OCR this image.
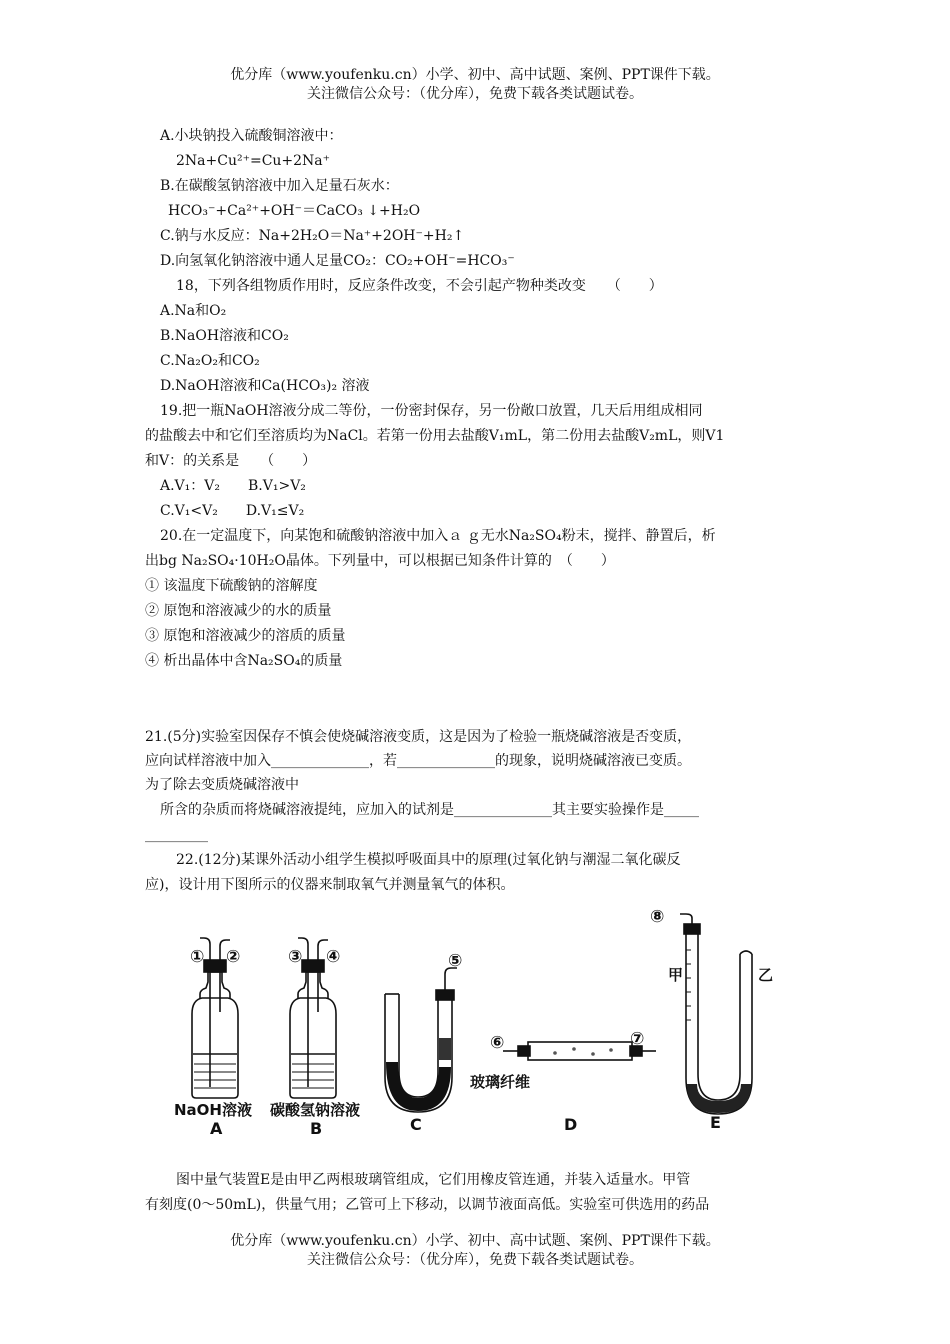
优分库（www.youfenku.cn）小学、初中、高中试题、案例、PPT课件下载。
关注微信公众号：（优分库），免费下载各类试题试卷。
A.小块钠投入硫酸铜溶液中：
2Na+Cu²⁺=Cu+2Na⁺
B.在碳酸氢钠溶液中加入足量石灰水：
HCO₃⁻+Ca²⁺+OH⁻＝CaCO₃ ↓+H₂O
C.钠与水反应：Na+2H₂O＝Na⁺+2OH⁻+H₂↑
D.向氢氧化钠溶液中通人足量CO₂：CO₂+OH⁻=HCO₃⁻
18，下列各组物质作用时，反应条件改变，不会引起产物种类改变　　（　　）
A.Na和O₂
B.NaOH溶液和CO₂
C.Na₂O₂和CO₂
D.NaOH溶液和Ca(HCO₃)₂ 溶液
19.把一瓶NaOH溶液分成二等份，一份密封保存，另一份敞口放置，几天后用组成相同
的盐酸去中和它们至溶质均为NaCl。若第一份用去盐酸V₁mL，第二份用去盐酸V₂mL，则V1
和V：的关系是　　（　　）
A.V₁：V₂　　B.V₁>V₂
C.V₁<V₂　　D.V₁≤V₂
20.在一定温度下，向某饱和硫酸钠溶液中加入ａ ｇ无水Na₂SO₄粉末，搅拌、静置后，析
出bg Na₂SO₄·10H₂O晶体。下列量中，可以根据已知条件计算的　（　　）
① 该温度下硫酸钠的溶解度
② 原饱和溶液减少的水的质量
③ 原饱和溶液减少的溶质的质量
④ 析出晶体中含Na₂SO₄的质量
21.(5分)实验室因保存不慎会使烧碱溶液变质，这是因为了检验一瓶烧碱溶液是否变质，
应向试样溶液中加入______________，若______________的现象，说明烧碱溶液已变质。
为了除去变质烧碱溶液中
所含的杂质而将烧碱溶液提纯，应加入的试剂是______________其主要实验操作是_____
_________
22.(12分)某课外活动小组学生模拟呼吸面具中的原理(过氧化钠与潮湿二氧化碳反
应)，设计用下图所示的仪器来制取氧气并测量氧气的体积。
① ②	③ ④	⑤
⑥	⑦
⑧
甲	乙
玻璃纤维
NaOH溶液 碳酸氢钠溶液
A	B	C	D	E
图中量气装置E是由甲乙两根玻璃管组成，它们用橡皮管连通，并装入适量水。甲管
有刻度(0～50mL)，供量气用；乙管可上下移动，以调节液面高低。实验室可供选用的药品
优分库（www.youfenku.cn）小学、初中、高中试题、案例、PPT课件下载。
关注微信公众号：（优分库），免费下载各类试题试卷。
